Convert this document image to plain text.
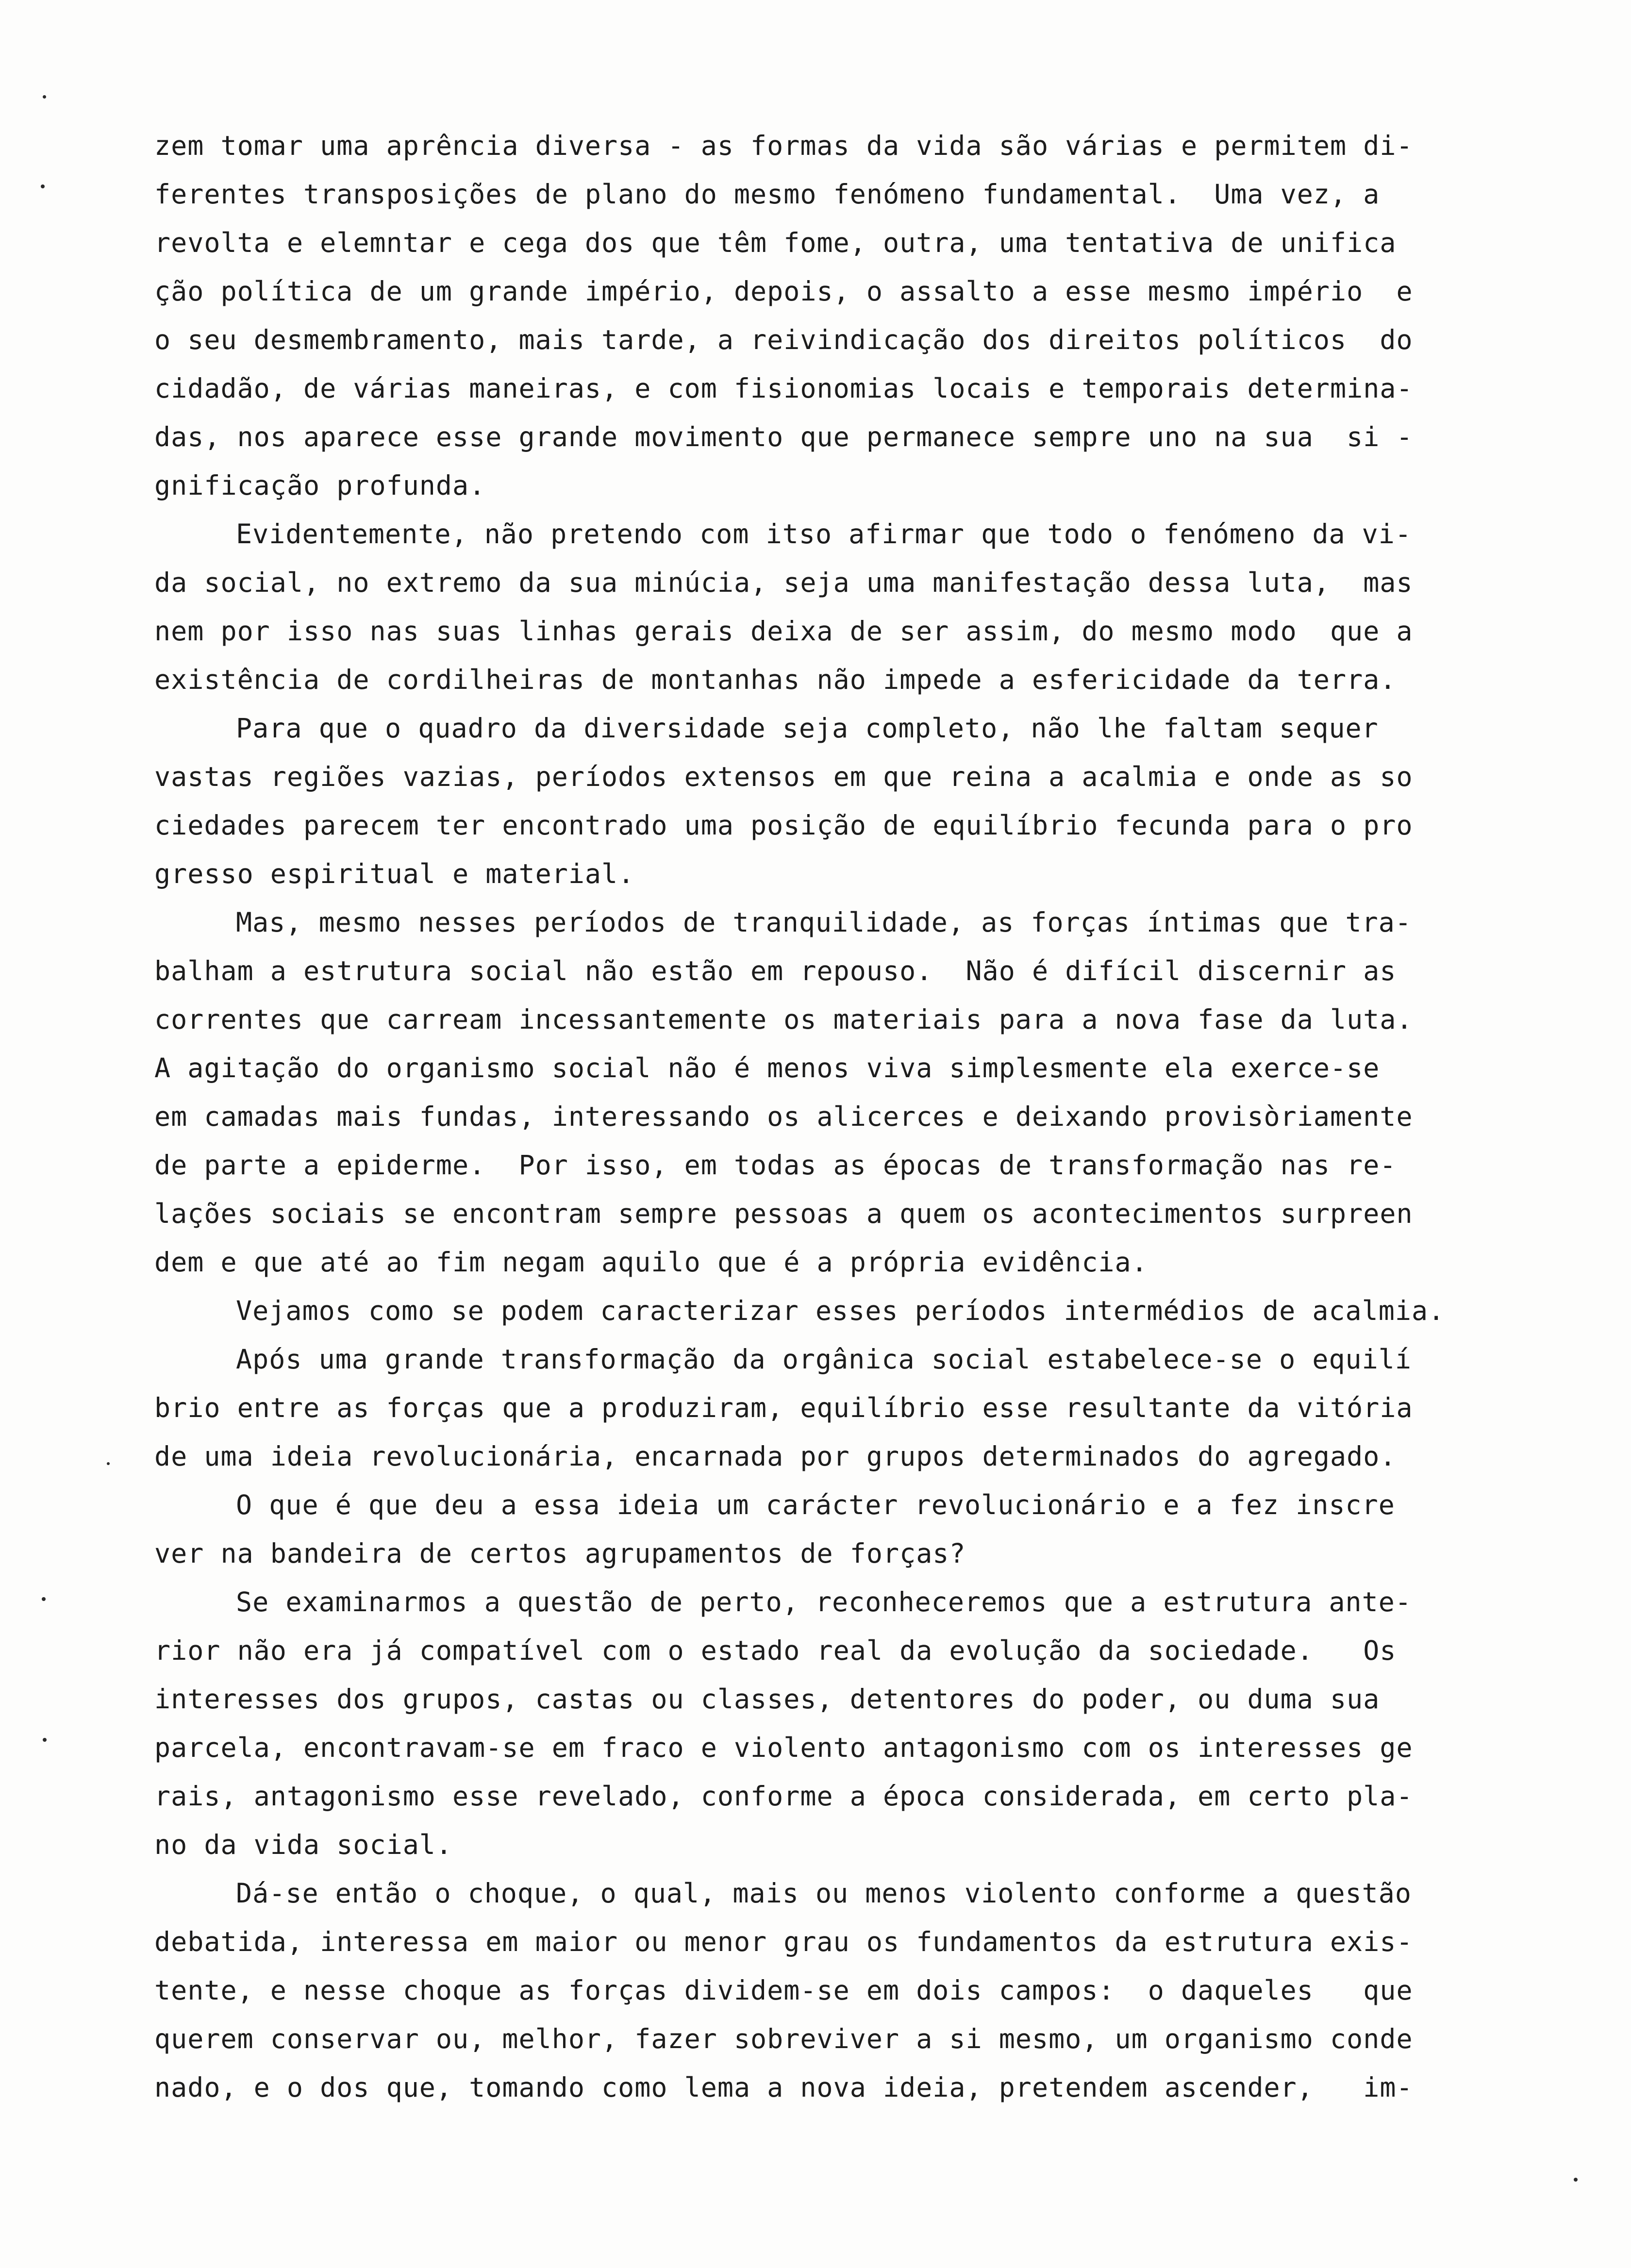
zem tomar uma aprência diversa - as formas da vida são várias e permitem di-
ferentes transposições de plano do mesmo fenómeno fundamental.  Uma vez, a
revolta e elemntar e cega dos que têm fome, outra, uma tentativa de unifica
ção política de um grande império, depois, o assalto a esse mesmo império  e
o seu desmembramento, mais tarde, a reivindicação dos direitos políticos  do
cidadão, de várias maneiras, e com fisionomias locais e temporais determina-
das, nos aparece esse grande movimento que permanece sempre uno na sua  si -
gnificação profunda.
Evidentemente, não pretendo com itso afirmar que todo o fenómeno da vi-
da social, no extremo da sua minúcia, seja uma manifestação dessa luta,  mas
nem por isso nas suas linhas gerais deixa de ser assim, do mesmo modo  que a
existência de cordilheiras de montanhas não impede a esfericidade da terra.
Para que o quadro da diversidade seja completo, não lhe faltam sequer
vastas regiões vazias, períodos extensos em que reina a acalmia e onde as so
ciedades parecem ter encontrado uma posição de equilíbrio fecunda para o pro
gresso espiritual e material.
Mas, mesmo nesses períodos de tranquilidade, as forças íntimas que tra-
balham a estrutura social não estão em repouso.  Não é difícil discernir as
correntes que carream incessantemente os materiais para a nova fase da luta.
A agitação do organismo social não é menos viva simplesmente ela exerce-se
em camadas mais fundas, interessando os alicerces e deixando provisòriamente
de parte a epiderme.  Por isso, em todas as épocas de transformação nas re-
lações sociais se encontram sempre pessoas a quem os acontecimentos surpreen
dem e que até ao fim negam aquilo que é a própria evidência.
Vejamos como se podem caracterizar esses períodos intermédios de acalmia.
Após uma grande transformação da orgânica social estabelece-se o equilí
brio entre as forças que a produziram, equilíbrio esse resultante da vitória
de uma ideia revolucionária, encarnada por grupos determinados do agregado.
O que é que deu a essa ideia um carácter revolucionário e a fez inscre
ver na bandeira de certos agrupamentos de forças?
Se examinarmos a questão de perto, reconheceremos que a estrutura ante-
rior não era já compatível com o estado real da evolução da sociedade.   Os
interesses dos grupos, castas ou classes, detentores do poder, ou duma sua
parcela, encontravam-se em fraco e violento antagonismo com os interesses ge
rais, antagonismo esse revelado, conforme a época considerada, em certo pla-
no da vida social.
Dá-se então o choque, o qual, mais ou menos violento conforme a questão
debatida, interessa em maior ou menor grau os fundamentos da estrutura exis-
tente, e nesse choque as forças dividem-se em dois campos:  o daqueles   que
querem conservar ou, melhor, fazer sobreviver a si mesmo, um organismo conde
nado, e o dos que, tomando como lema a nova ideia, pretendem ascender,   im-
